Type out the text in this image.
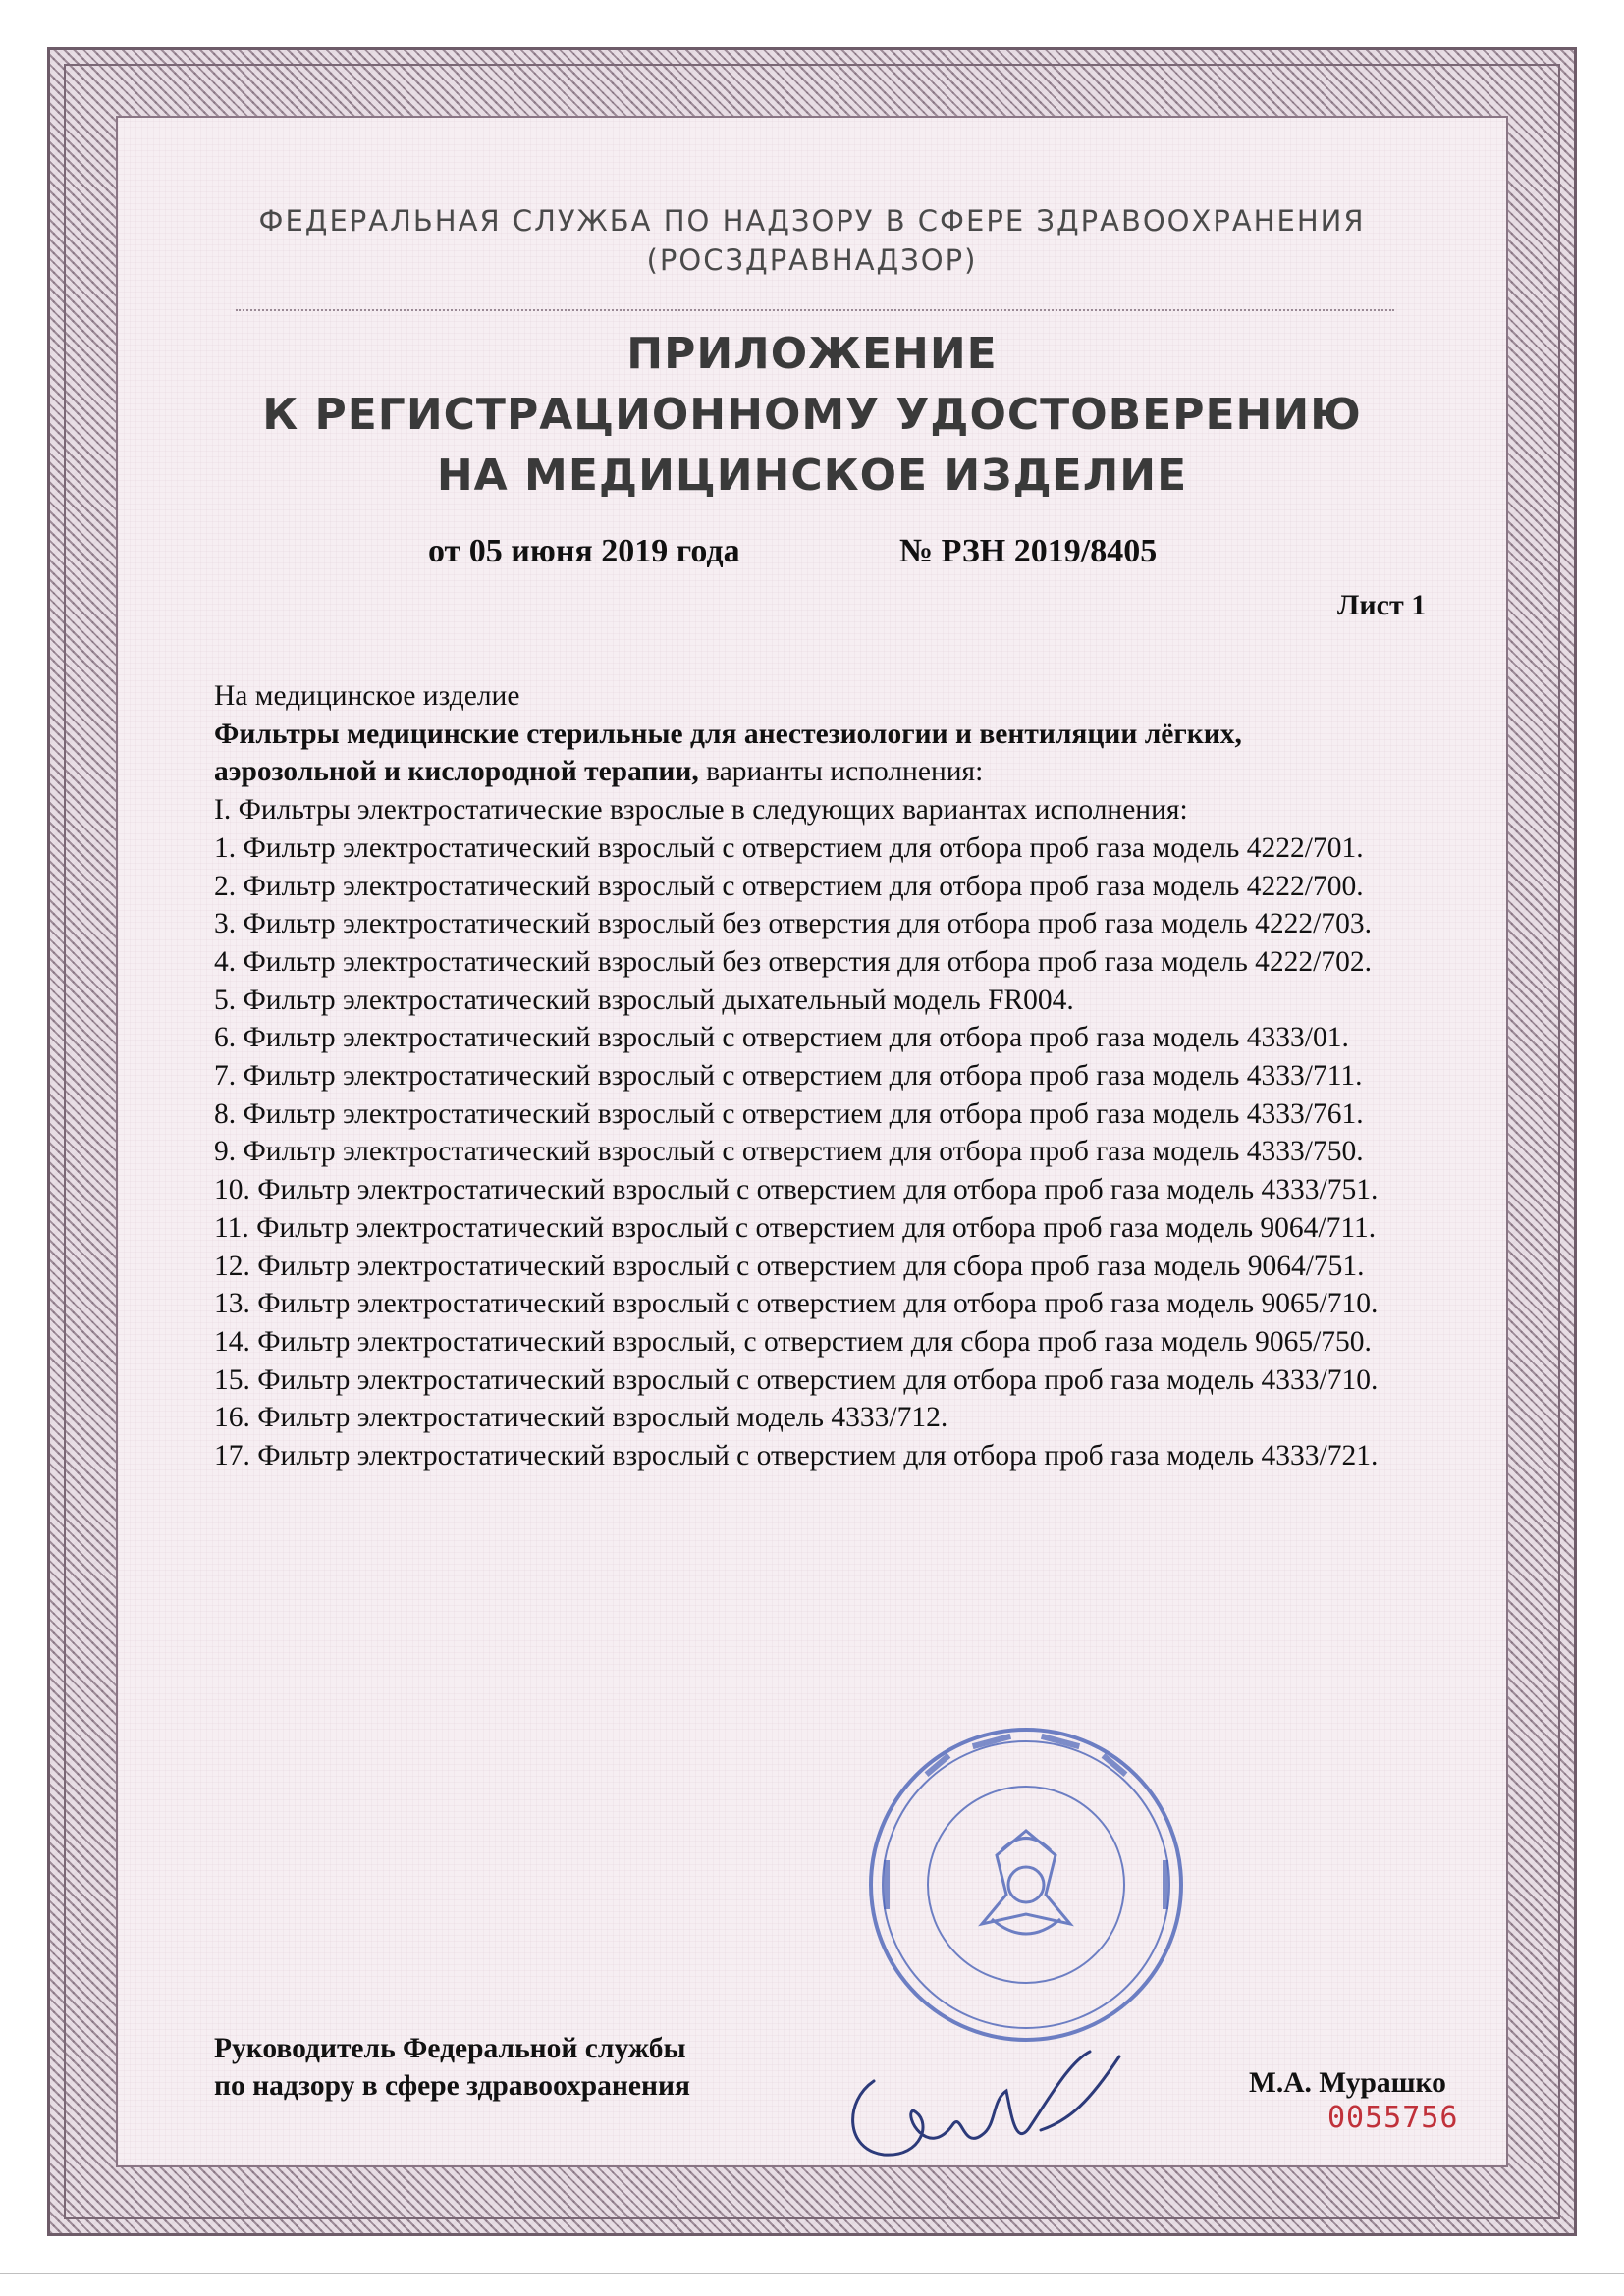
ФЕДЕРАЛЬНАЯ СЛУЖБА ПО НАДЗОРУ В СФЕРЕ ЗДРАВООХРАНЕНИЯ
(РОСЗДРАВНАДЗОР)
ПРИЛОЖЕНИЕ
К РЕГИСТРАЦИОННОМУ УДОСТОВЕРЕНИЮ
НА МЕДИЦИНСКОЕ ИЗДЕЛИЕ
от 05 июня 2019 года	№ РЗН 2019/8405
Лист 1

На медицинское изделие

Фильтры медицинские стерильные для анестезиологии и вентиляции лёгких, аэрозольной и кислородной терапии, варианты исполнения:

I. Фильтры электростатические взрослые в следующих вариантах исполнения:

1. Фильтр электростатический взрослый с отверстием для отбора проб газа модель 4222/701.

2. Фильтр электростатический взрослый с отверстием для отбора проб газа модель 4222/700.

3. Фильтр электростатический взрослый без отверстия для отбора проб газа модель 4222/703.

4. Фильтр электростатический взрослый без отверстия для отбора проб газа модель 4222/702.

5. Фильтр электростатический взрослый дыхательный модель FR004.

6. Фильтр электростатический взрослый с отверстием для отбора проб газа модель 4333/01.

7. Фильтр электростатический взрослый с отверстием для отбора проб газа модель 4333/711.

8. Фильтр электростатический взрослый с отверстием для отбора проб газа модель 4333/761.

9. Фильтр электростатический взрослый с отверстием для отбора проб газа модель 4333/750.

10. Фильтр электростатический взрослый с отверстием для отбора проб газа модель 4333/751.

11. Фильтр электростатический взрослый с отверстием для отбора проб газа модель 9064/711.

12. Фильтр электростатический взрослый с отверстием для сбора проб газа модель 9064/751.

13. Фильтр электростатический взрослый с отверстием для отбора проб газа модель 9065/710.

14. Фильтр электростатический взрослый, с отверстием для сбора проб газа модель 9065/750.

15. Фильтр электростатический взрослый с отверстием для отбора проб газа модель 4333/710.

16. Фильтр электростатический взрослый модель 4333/712.

17. Фильтр электростатический взрослый с отверстием для отбора проб газа модель 4333/721.

Руководитель Федеральной службы
по надзору в сфере здравоохранения	М.А. Мурашко
0055756
